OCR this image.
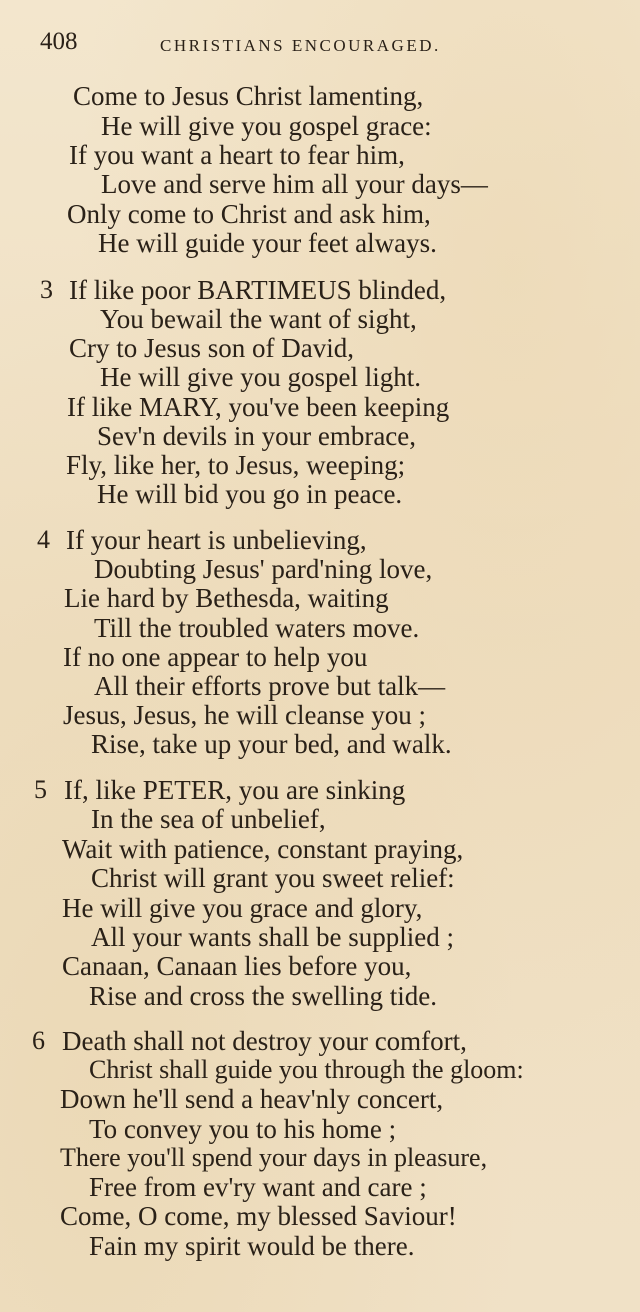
408	CHRISTIANS ENCOURAGED.
Come to Jesus Christ lamenting,
He will give you gospel grace:
If you want a heart to fear him,
Love and serve him all your days—
Only come to Christ and ask him,
He will guide your feet always.
3 If like poor BARTIMEUS blinded,
You bewail the want of sight,
Cry to Jesus son of David,
He will give you gospel light.
If like MARY, you've been keeping
Sev'n devils in your embrace,
Fly, like her, to Jesus, weeping;
He will bid you go in peace.
4 If your heart is unbelieving,
Doubting Jesus' pard'ning love,
Lie hard by Bethesda, waiting
Till the troubled waters move.
If no one appear to help you
All their efforts prove but talk—
Jesus, Jesus, he will cleanse you ;
Rise, take up your bed, and walk.
5 If, like PETER, you are sinking
In the sea of unbelief,
Wait with patience, constant praying,
Christ will grant you sweet relief:
He will give you grace and glory,
All your wants shall be supplied ;
Canaan, Canaan lies before you,
Rise and cross the swelling tide.
6 Death shall not destroy your comfort,
Christ shall guide you through the gloom:
Down he'll send a heav'nly concert,
To convey you to his home ;
There you'll spend your days in pleasure,
Free from ev'ry want and care ;
Come, O come, my blessed Saviour!
Fain my spirit would be there.
